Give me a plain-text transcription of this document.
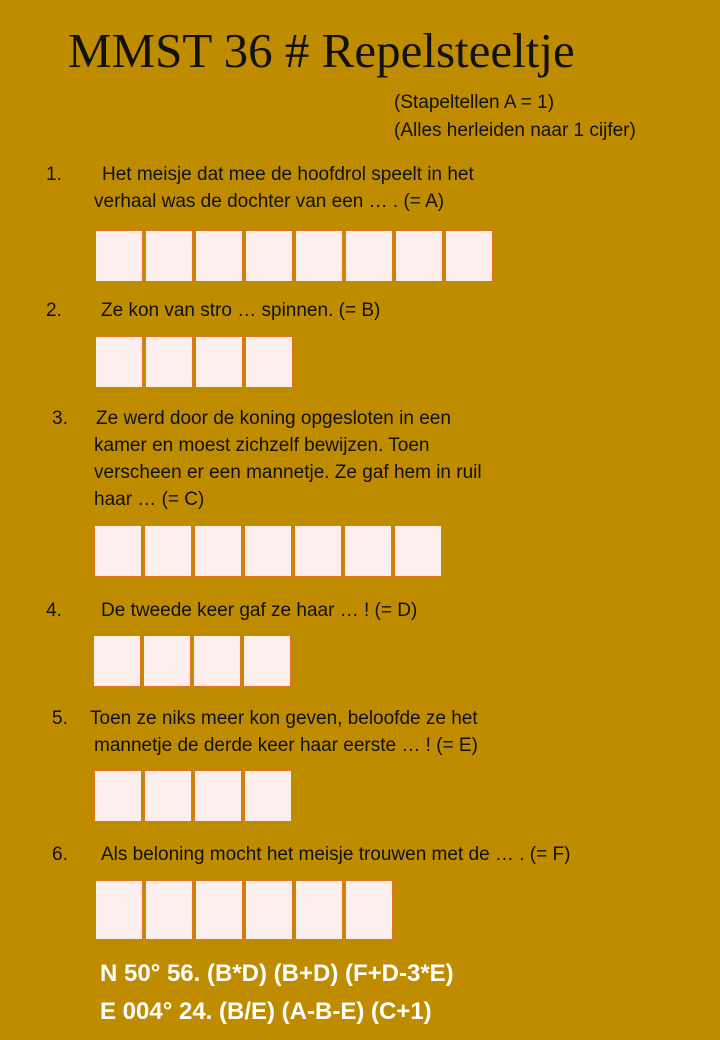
MMST 36 # Repelsteeltje
(Stapeltellen A = 1)
(Alles herleiden naar 1 cijfer)
1.	Het meisje dat mee de hoofdrol speelt in het
verhaal was de dochter van een … . (= A)
2. Ze kon van stro … spinnen. (= B)
3. Ze werd door de koning opgesloten in een
kamer en moest zichzelf bewijzen. Toen
verscheen er een mannetje. Ze gaf hem in ruil
haar … (= C)
4. De tweede keer gaf ze haar … ! (= D)
5. Toen ze niks meer kon geven, beloofde ze het
mannetje de derde keer haar eerste … ! (= E)
6. Als beloning mocht het meisje trouwen met de … . (= F)
N 50° 56. (B*D) (B+D) (F+D-3*E)
E 004° 24. (B/E) (A-B-E) (C+1)
